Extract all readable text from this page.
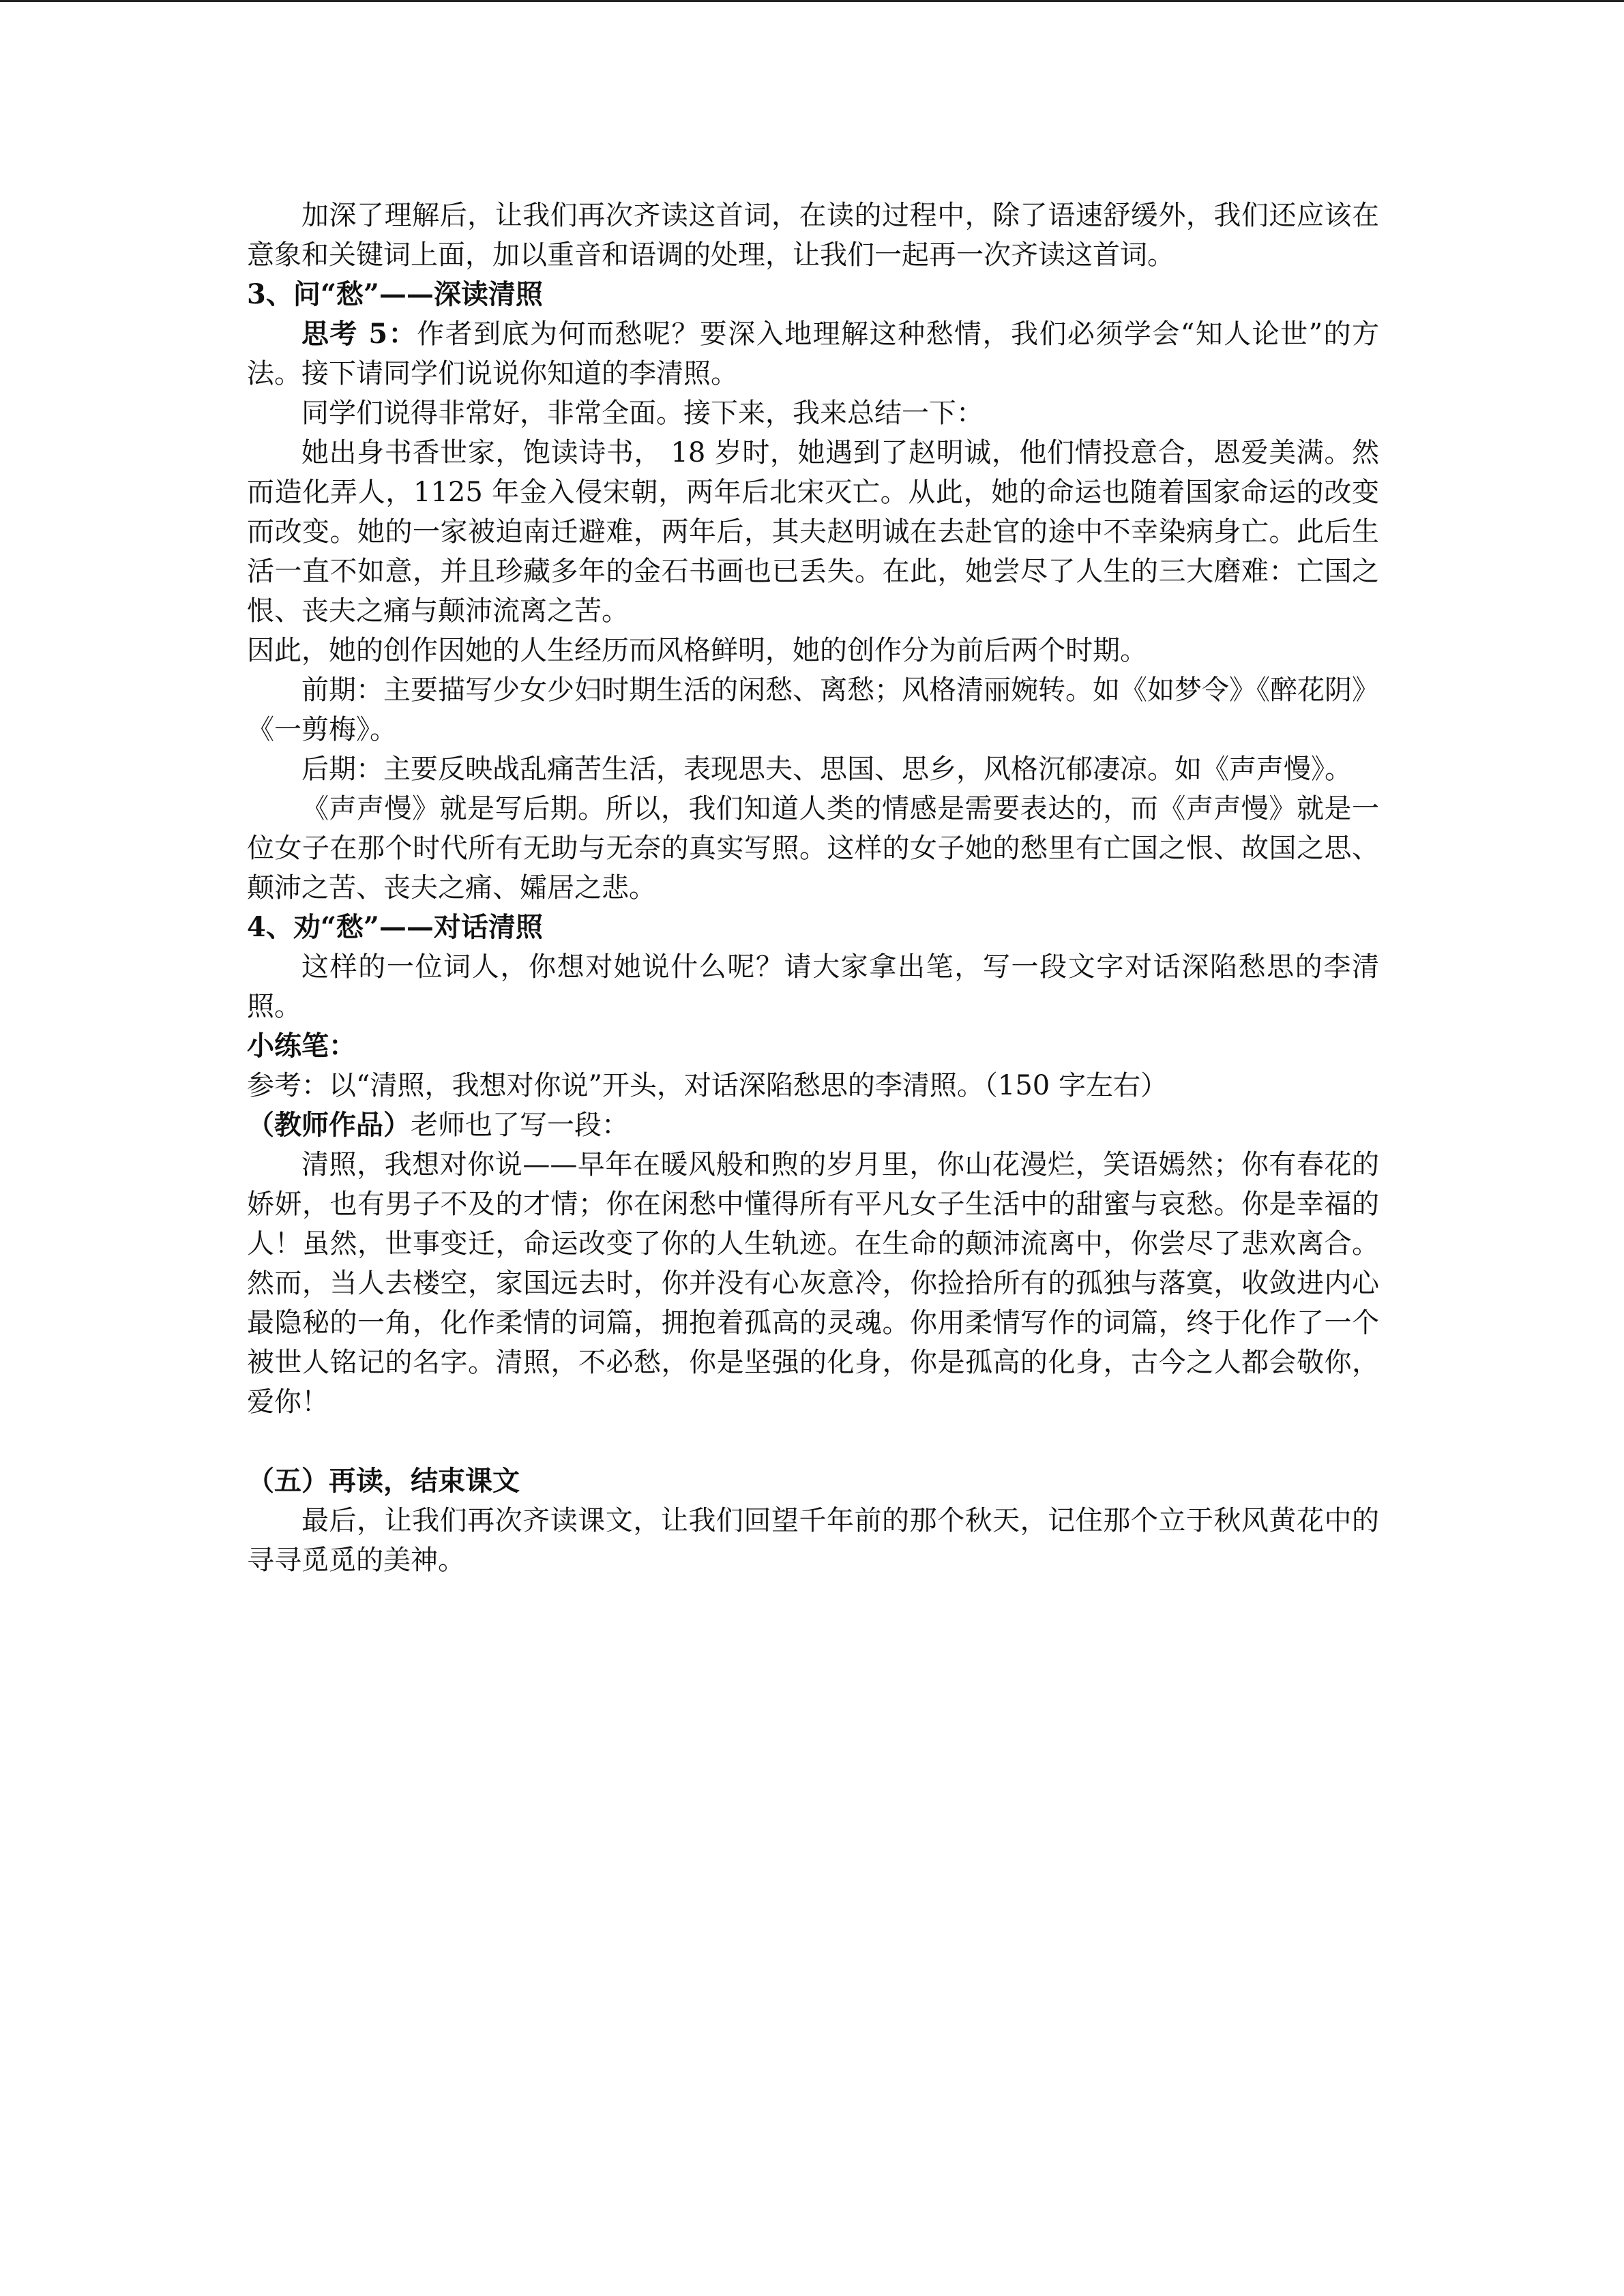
加深了理解后，让我们再次齐读这首词，在读的过程中，除了语速舒缓外，我们还应该在意象和关键词上面，加以重音和语调的处理，让我们一起再一次齐读这首词。

3、问“愁”——深读清照

思考 5：作者到底为何而愁呢？要深入地理解这种愁情，我们必须学会“知人论世”的方法。接下请同学们说说你知道的李清照。

同学们说得非常好，非常全面。接下来，我来总结一下：

她出身书香世家，饱读诗书， 18 岁时，她遇到了赵明诚，他们情投意合，恩爱美满。然而造化弄人，1125 年金入侵宋朝，两年后北宋灭亡。从此，她的命运也随着国家命运的改变而改变。她的一家被迫南迁避难，两年后，其夫赵明诚在去赴官的途中不幸染病身亡。此后生活一直不如意，并且珍藏多年的金石书画也已丢失。在此，她尝尽了人生的三大磨难：亡国之恨、丧夫之痛与颠沛流离之苦。

因此，她的创作因她的人生经历而风格鲜明，她的创作分为前后两个时期。

前期：主要描写少女少妇时期生活的闲愁、离愁；风格清丽婉转。如《如梦令》《醉花阴》《一剪梅》。

后期：主要反映战乱痛苦生活，表现思夫、思国、思乡，风格沉郁凄凉。如《声声慢》。

《声声慢》就是写后期。所以，我们知道人类的情感是需要表达的，而《声声慢》就是一位女子在那个时代所有无助与无奈的真实写照。这样的女子她的愁里有亡国之恨、故国之思、颠沛之苦、丧夫之痛、孀居之悲。

4、劝“愁”——对话清照

这样的一位词人，你想对她说什么呢？请大家拿出笔，写一段文字对话深陷愁思的李清照。

小练笔：

参考：以“清照，我想对你说”开头，对话深陷愁思的李清照。（150 字左右）

（教师作品）老师也了写一段：

清照，我想对你说——早年在暖风般和煦的岁月里，你山花漫烂，笑语嫣然；你有春花的娇妍，也有男子不及的才情；你在闲愁中懂得所有平凡女子生活中的甜蜜与哀愁。你是幸福的人！虽然，世事变迁，命运改变了你的人生轨迹。在生命的颠沛流离中，你尝尽了悲欢离合。然而，当人去楼空，家国远去时，你并没有心灰意冷，你捡拾所有的孤独与落寞，收敛进内心最隐秘的一角，化作柔情的词篇，拥抱着孤高的灵魂。你用柔情写作的词篇，终于化作了一个被世人铭记的名字。清照，不必愁，你是坚强的化身，你是孤高的化身，古今之人都会敬你，爱你！

（五）再读，结束课文

最后，让我们再次齐读课文，让我们回望千年前的那个秋天，记住那个立于秋风黄花中的寻寻觅觅的美神。
